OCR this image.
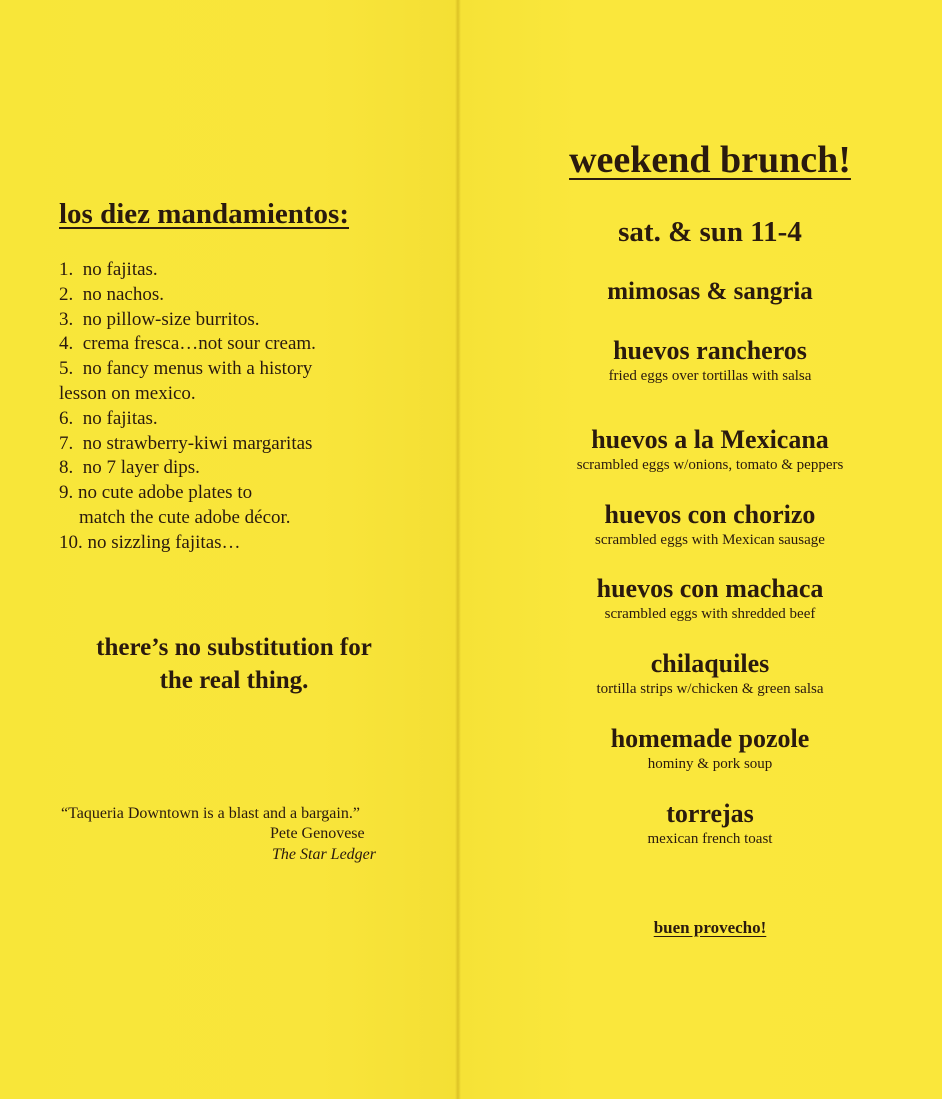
los diez mandamientos:
1. no fajitas.
2. no nachos.
3. no pillow-size burritos.
4. crema fresca…not sour cream.
5. no fancy menus with a history
lesson on mexico.
6. no fajitas.
7. no strawberry-kiwi margaritas
8. no 7 layer dips.
9. no cute adobe plates to
match the cute adobe décor.
10. no sizzling fajitas…

there’s no substitution for
the real thing.

“Taqueria Downtown is a blast and a bargain.”

Pete Genovese
The Star Ledger
weekend brunch!
sat. & sun 11-4
mimosas & sangria
huevos rancheros
fried eggs over tortillas with salsa
huevos a la Mexicana
scrambled eggs w/onions, tomato & peppers
huevos con chorizo
scrambled eggs with Mexican sausage
huevos con machaca
scrambled eggs with shredded beef
chilaquiles
tortilla strips w/chicken & green salsa
homemade pozole
hominy & pork soup
torrejas
mexican french toast

buen provecho!
